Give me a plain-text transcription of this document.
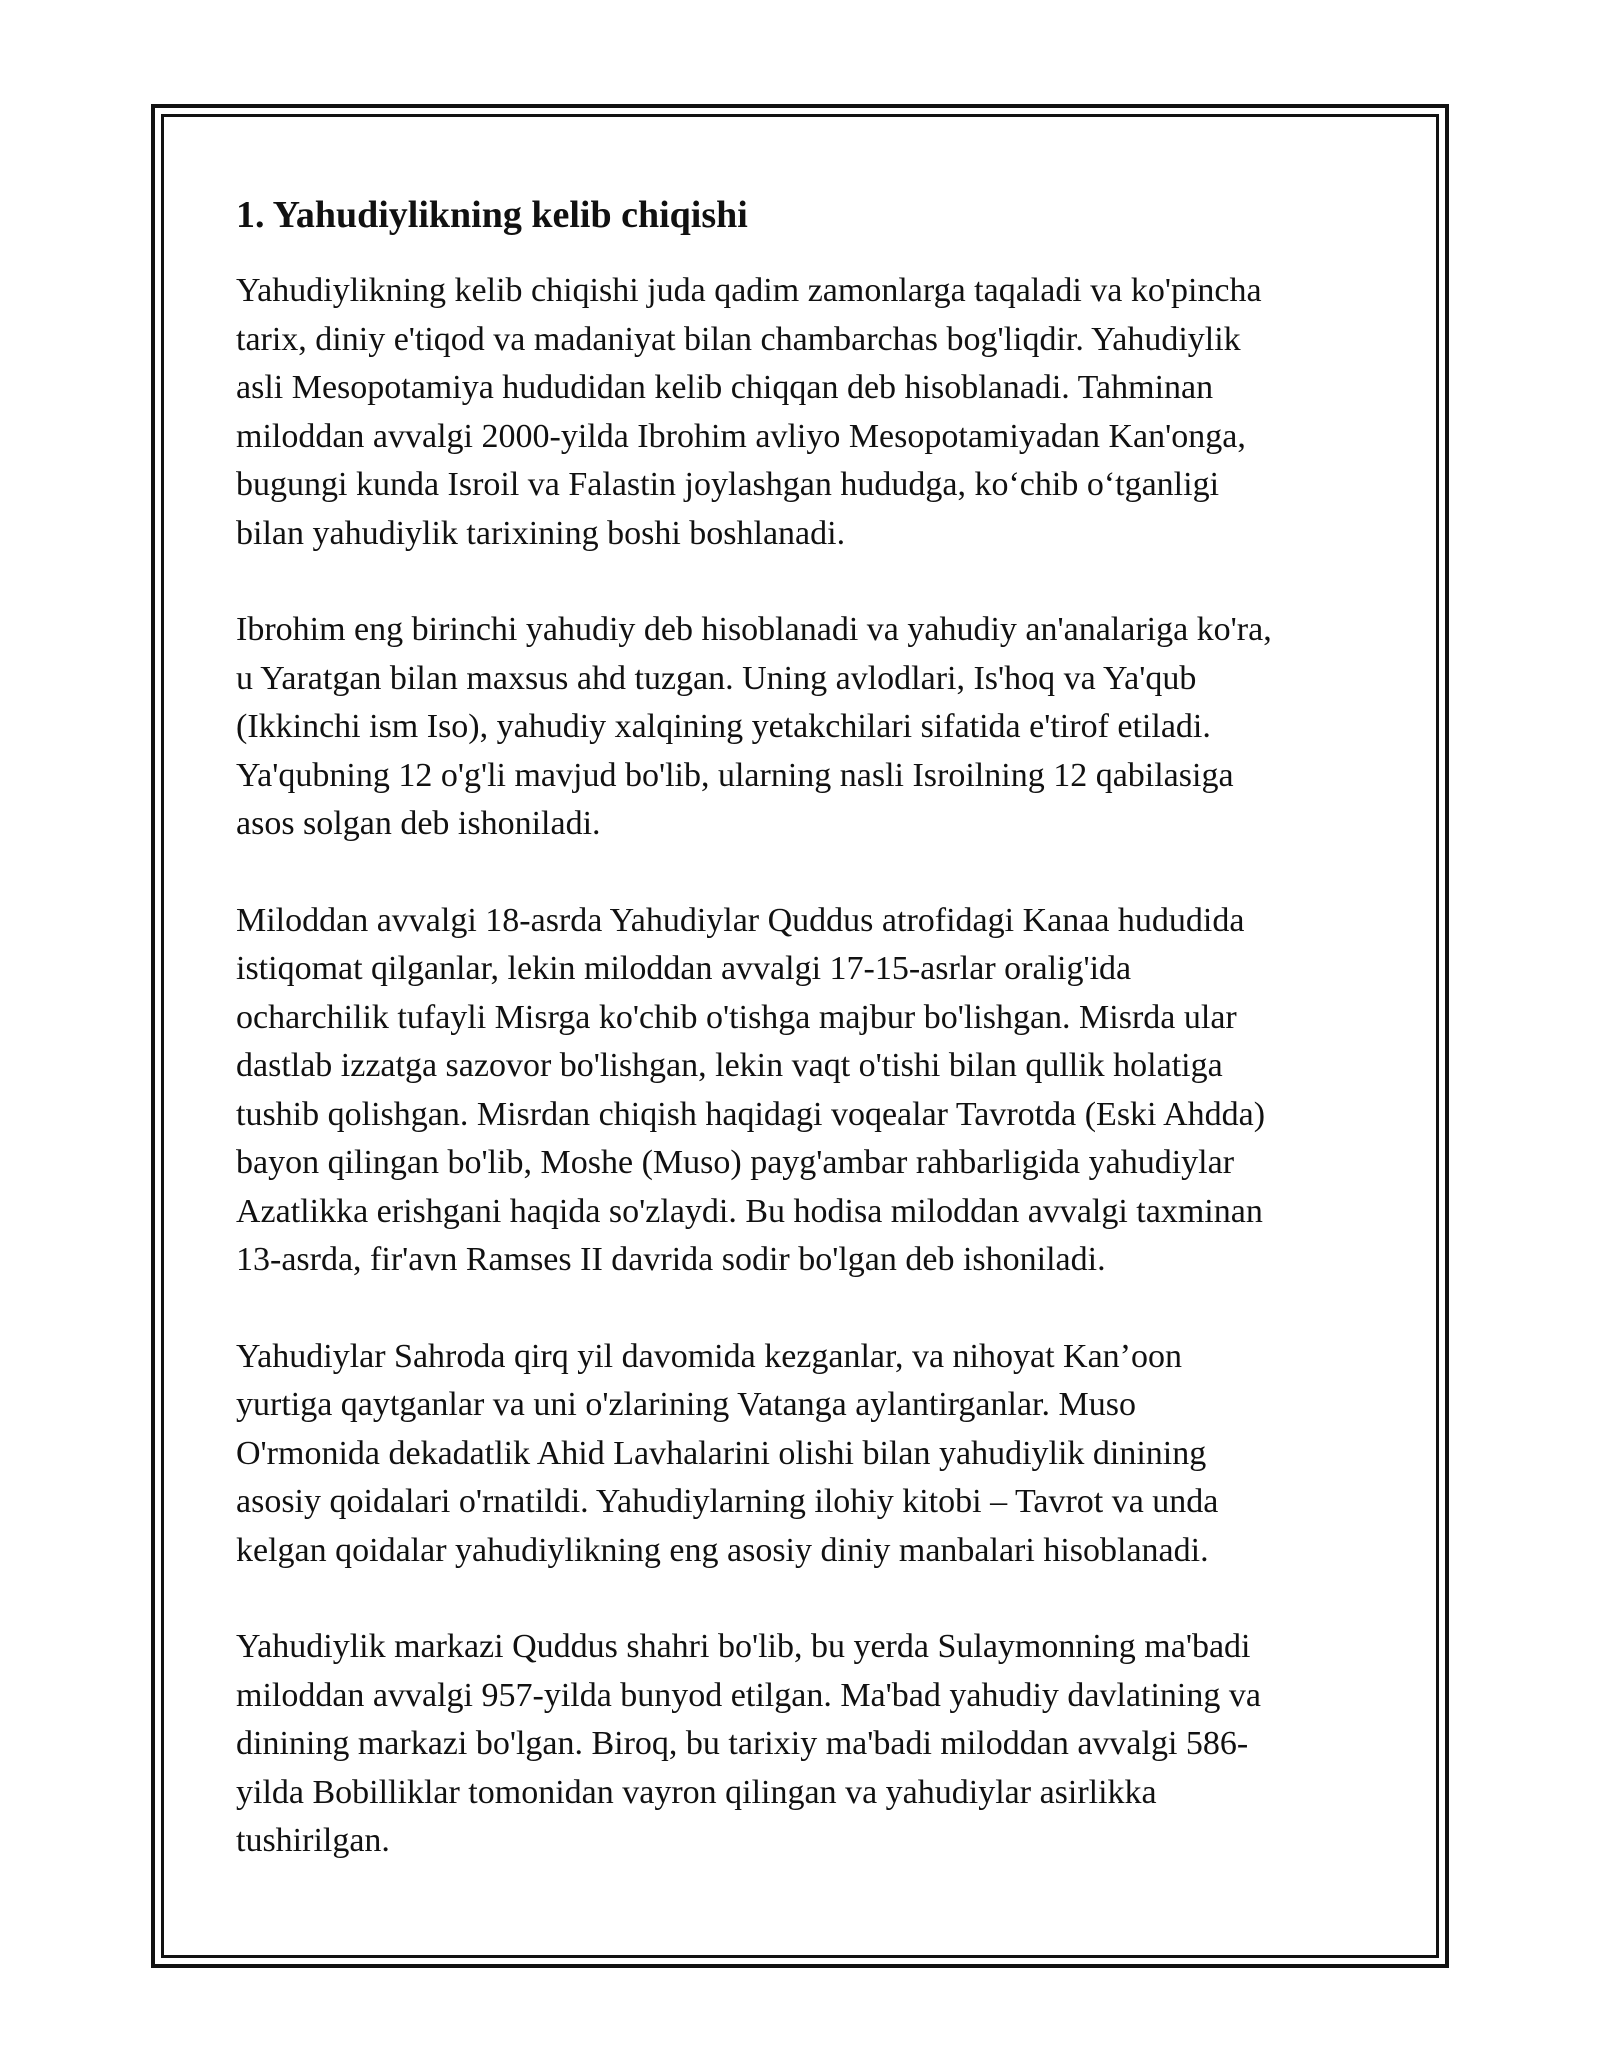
1. Yahudiylikning kelib chiqishi

Yahudiylikning kelib chiqishi juda qadim zamonlarga taqaladi va ko'pincha
tarix, diniy e'tiqod va madaniyat bilan chambarchas bog'liqdir. Yahudiylik
asli Mesopotamiya hududidan kelib chiqqan deb hisoblanadi. Tahminan
miloddan avvalgi 2000-yilda Ibrohim avliyo Mesopotamiyadan Kan'onga,
bugungi kunda Isroil va Falastin joylashgan hududga, ko‘chib o‘tganligi
bilan yahudiylik tarixining boshi boshlanadi.

Ibrohim eng birinchi yahudiy deb hisoblanadi va yahudiy an'analariga ko'ra,
u Yaratgan bilan maxsus ahd tuzgan. Uning avlodlari, Is'hoq va Ya'qub
(Ikkinchi ism Iso), yahudiy xalqining yetakchilari sifatida e'tirof etiladi.
Ya'qubning 12 o'g'li mavjud bo'lib, ularning nasli Isroilning 12 qabilasiga
asos solgan deb ishoniladi.

Miloddan avvalgi 18-asrda Yahudiylar Quddus atrofidagi Kanaa hududida
istiqomat qilganlar, lekin miloddan avvalgi 17-15-asrlar oralig'ida
ocharchilik tufayli Misrga ko'chib o'tishga majbur bo'lishgan. Misrda ular
dastlab izzatga sazovor bo'lishgan, lekin vaqt o'tishi bilan qullik holatiga
tushib qolishgan. Misrdan chiqish haqidagi voqealar Tavrotda (Eski Ahdda)
bayon qilingan bo'lib, Moshe (Muso) payg'ambar rahbarligida yahudiylar
Azatlikka erishgani haqida so'zlaydi. Bu hodisa miloddan avvalgi taxminan
13-asrda, fir'avn Ramses II davrida sodir bo'lgan deb ishoniladi.

Yahudiylar Sahroda qirq yil davomida kezganlar, va nihoyat Kan’oon
yurtiga qaytganlar va uni o'zlarining Vatanga aylantirganlar. Muso
O'rmonida dekadatlik Ahid Lavhalarini olishi bilan yahudiylik dinining
asosiy qoidalari o'rnatildi. Yahudiylarning ilohiy kitobi – Tavrot va unda
kelgan qoidalar yahudiylikning eng asosiy diniy manbalari hisoblanadi.

Yahudiylik markazi Quddus shahri bo'lib, bu yerda Sulaymonning ma'badi
miloddan avvalgi 957-yilda bunyod etilgan. Ma'bad yahudiy davlatining va
dinining markazi bo'lgan. Biroq, bu tarixiy ma'badi miloddan avvalgi 586-
yilda Bobilliklar tomonidan vayron qilingan va yahudiylar asirlikka
tushirilgan.
